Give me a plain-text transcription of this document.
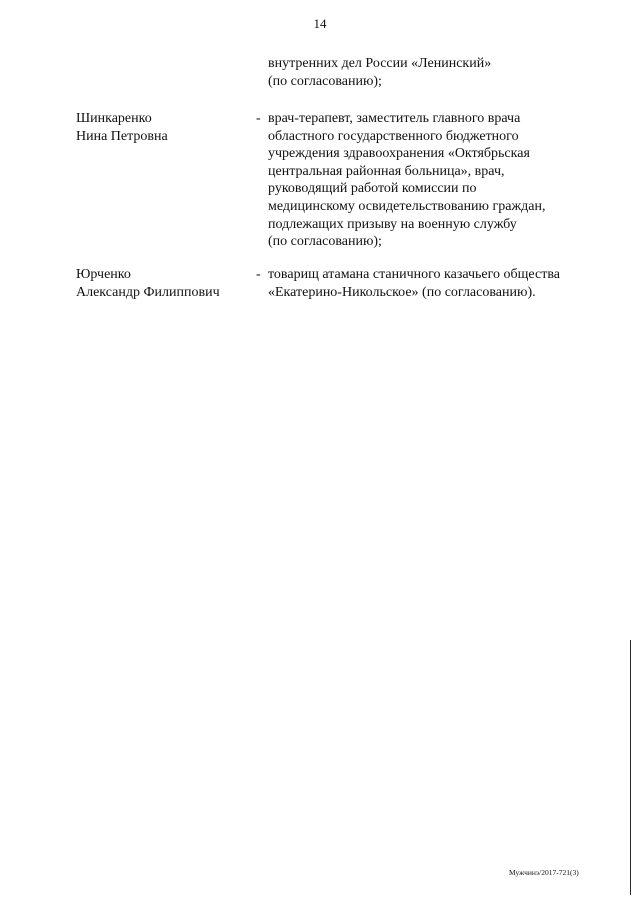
14
внутренних дел России «Ленинский»
(по согласованию);
Шинкаренко
Нина Петровна
- врач-терапевт, заместитель главного врача
областного государственного бюджетного
учреждения здравоохранения «Октябрьская
центральная районная больница», врач,
руководящий работой комиссии по
медицинскому освидетельствованию граждан,
подлежащих призыву на военную службу
(по согласованию);
Юрченко
Александр Филиппович
- товарищ атамана станичного казачьего общества
«Екатерино-Никольское» (по согласованию).
Мужчинэ/2017-721(3)
